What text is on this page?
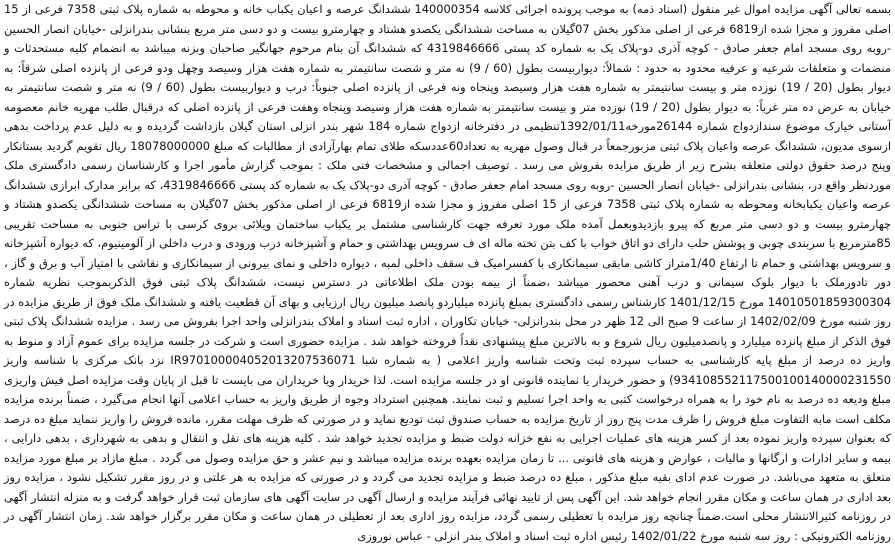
بسمه تعالی آگهی مزایده اموال غیر منقول (اسناد ذمه) به موجب پرونده اجرائی کلاسه 140000354 ششدانگ عرصه و اعیان یکباب خانه و محوطه به شماره پلاک ثبتی 7358 فرعی از 15 اصلی مفروز و مجزا شده از6819 فرعی از اصلی مذکور بخش 07گیلان به مساحت ششدانگی یکصدو هشتاد و چهارمترو بیست و دو دسی متر مربع بنشانی بندرانزلی -خیابان انصار الحسین -روبه روی مسجد امام جعفر صادق - کوچه آذری دو-پلاک یک به شماره کد پستی 4319846666 که ششدانگ آن بنام مرحوم جهانگیر صاحبان وبزنه میباشد به انضمام کلیه مستحدثات و منضمات و متعلقات شرعیه و عرفیه محدود به حدود : شمالاً: دیواربیست بطول (60 / 9) نه متر و شصت سانتیمتر به شماره هفت هزار وسیصد وچهل ودو فرعی از پانزده اصلی شرقاً: به دیوار بطول (20 / 19) نوزده متر و بیست سانتیمتر به شماره هفت هزار وسیصد وپنجاه ونه فرعی از پانزده اصلی جنوباً: درب و دیواربیست بطول (60 / 9) نه متر و شصت سانتیمتر به خیابان به عرض ده متر غرباً: به دیوار بطول (20 / 19) نوزده متر و بیست سانتیمتر به شماره هفت هزار وسیصد وپنجاه وهفت فرعی از پانزده اصلی که درقبال طلب مهریه خانم معصومه آستانی خیارک موضوع سندازدواج شماره 26144مورخه1392/01/11تنظیمی در دفترخانه ازدواج شماره 184 شهر بندر انزلی استان گیلان بازداشت گردیده و به دلیل عدم پرداخت بدهی ازسوی مدیون، ششدانگ عرصه واعیان پلاک ثبتی مزبورجمعاً در قبال وصول مهریه به تعداد60عددسکه طلای تمام بهارآزادی از مطالبات که مبلغ 18078000000 ریال تقویم گردید بستانکار وپنج درصد حقوق دولتی متعلقه بشرح زیر از طریق مزایده بفروش می رسد . توصیف اجمالی و مشخصات فنی ملک : بموجب گزارش مأمور اجرا و کارشناسان رسمی دادگستری ملک موردنظر واقع در، بنشانی بندرانزلی -خیابان انصار الحسین -روبه روی مسجد امام جعفر صادق - کوچه آذری دو-پلاک یک به شماره کد پستی 4319846666، که برابر مدارک ابرازی ششدانگ عرصه واعیان یکبابخانه ومحوطه به شماره پلاک ثبتی 7358 فرعی از 15 اصلی مفروز و مجزا شده از6819 فرعی از اصلی مذکور بخش 07گیلان به مساحت ششدانگی یکصدو هشتاد و چهارمترو بیست و دو دسی متر مربع که پیرو بازدیدوبعمل آمده ملک مورد تعرفه جهت کارشناسی مشتمل بر یکباب ساختمان ویلائی بروی کرسی با تراس جنوبی به مساحت تقریبی 85مترمربع با سربندی چوبی و پوشش حلب دارای دو اتاق خواب با کف بتن تخته ماله ای ف سرویس بهداشتی و حمام و آشپزخانه درب ورودی و درب داخلی از آلومینیوم، که دیواره آشپزخانه و سرویس بهداشتی و حمام تا ارتفاع 1/40متراز کاشی مابقی سیمانکاری با کفسرامیک ف سقف داخلی لمبه ، دیواره داخلی و نمای بیرونی از سیمانکاری و نقاشی با امتیاز آب و برق و گاز ، دور تادورملک با دیوار بلوک سیمانی و درب آهنی محصور میباشد ،ضمناً از بیمه بودن ملک اطلاعاتی در دسترس نیست، ششدانگ پلاک ثبتی فوق الذکربموجب نظریه شماره 14010501859300304 مورخ 1401/12/15 کارشناس رسمی دادگستری بمبلغ پانزده میلیاردو پانصد میلیون ریال ارزیابی و بهای آن قطعیت یافته و ششدانگ ملک فوق از طریق مزایده در روز شنبه مورخ 1402/02/09 از ساعت 9 صبح الی 12 ظهر در محل بندرانزلی- خیابان تکاوران ، اداره ثبت اسناد و املاک بندرانزلی واحد اجرا بفروش می رسد . مزایده ششدانگ پلاک ثبتی فوق الذکر از مبلغ پانزده میلیارد و پانصدمیلیون ریال شروع و به بالاترین مبلغ پیشنهادی نقداً فروخته خواهد شد . مزایده حضوری است و شرکت در جلسه مزایده برای عموم آزاد و منوط به واریز ده درصد از مبلغ پایه کارشناسی به حساب سپرده ثبت وتحت شناسه واریز اعلامی ( به شماره شبا IR970100004052013207536071 نزد بانک مرکزی با شناسه واریز 934108552117500100140000231550) و حضور خریدار یا نماینده قانونی او در جلسه مزایده است. لذا خریدار ویا خریداران می بایست تا قبل از پایان وقت مزایده اصل فیش واریزی مبلغ ودیعه ده درصد به نام خود را به همراه درخواست کتبی به واحد اجرا تسلیم و ثبت نمایند. همچنین استرداد وجوه از طریق واریز به حساب اعلامی آنها انجام می‌گیرد ، ضمناً برنده مزایده مکلف است مابه التفاوت مبلغ فروش را ظرف مدت پنج روز از تاریخ مزایده به حساب صندوق ثبت تودیع نماید و در صورتی که ظرف مهلت مقرر، مانده فروش را واریز ننماید مبلغ ده درصد که بعنوان سپرده واریز نموده بعد از کسر هزینه های عملیات اجرایی به نفع خزانه دولت ضبط و مزایده تجدید خواهد شد . کلیه هزینه های نقل و انتقال و بدهی به شهرداری ، بدهی دارایی ، بیمه و سایر ادارات و ارگانها و مالیات ، عوارض و هزینه های قانونی ... تا زمان مزایده بعهده برنده مزایده میباشد و نیم عشر و حق مزایده وصول می گردد . مبلغ مازاد بر مبلغ مورد مزایده متعلق به متعهد می‌باشد. در صورت عدم ادای بقیه مبلغ مذکور ، مبلغ ده درصد ضبط و مزایده تجدید می گردد و در صورتی که مزایده به هر علتی و در روز مقرر تشکیل نشود ، مزایده روز بعد اداری در همان ساعت و مکان مقرر انجام خواهد شد. این آگهی پس از تایید نهائی فرآیند مزایده و ارسال آگهی در سایت آگهی های سازمان ثبت قرار خواهد گرفت و به منزله انتشار آگهی در روزنامه کثیرالانتشار محلی است.ضمناً چنانچه روز مزایده با تعطیلی رسمی گردد، مزایده روز اداری بعد از تعطیلی در همان ساعت و مکان مقرر برگزار خواهد شد. زمان انتشار آگهی در روزنامه الکترونیکی : روز سه شنبه مورخ 1402/01/22 رئیس اداره ثبت اسناد و املاک بندر انزلی - عباس نوروزی
